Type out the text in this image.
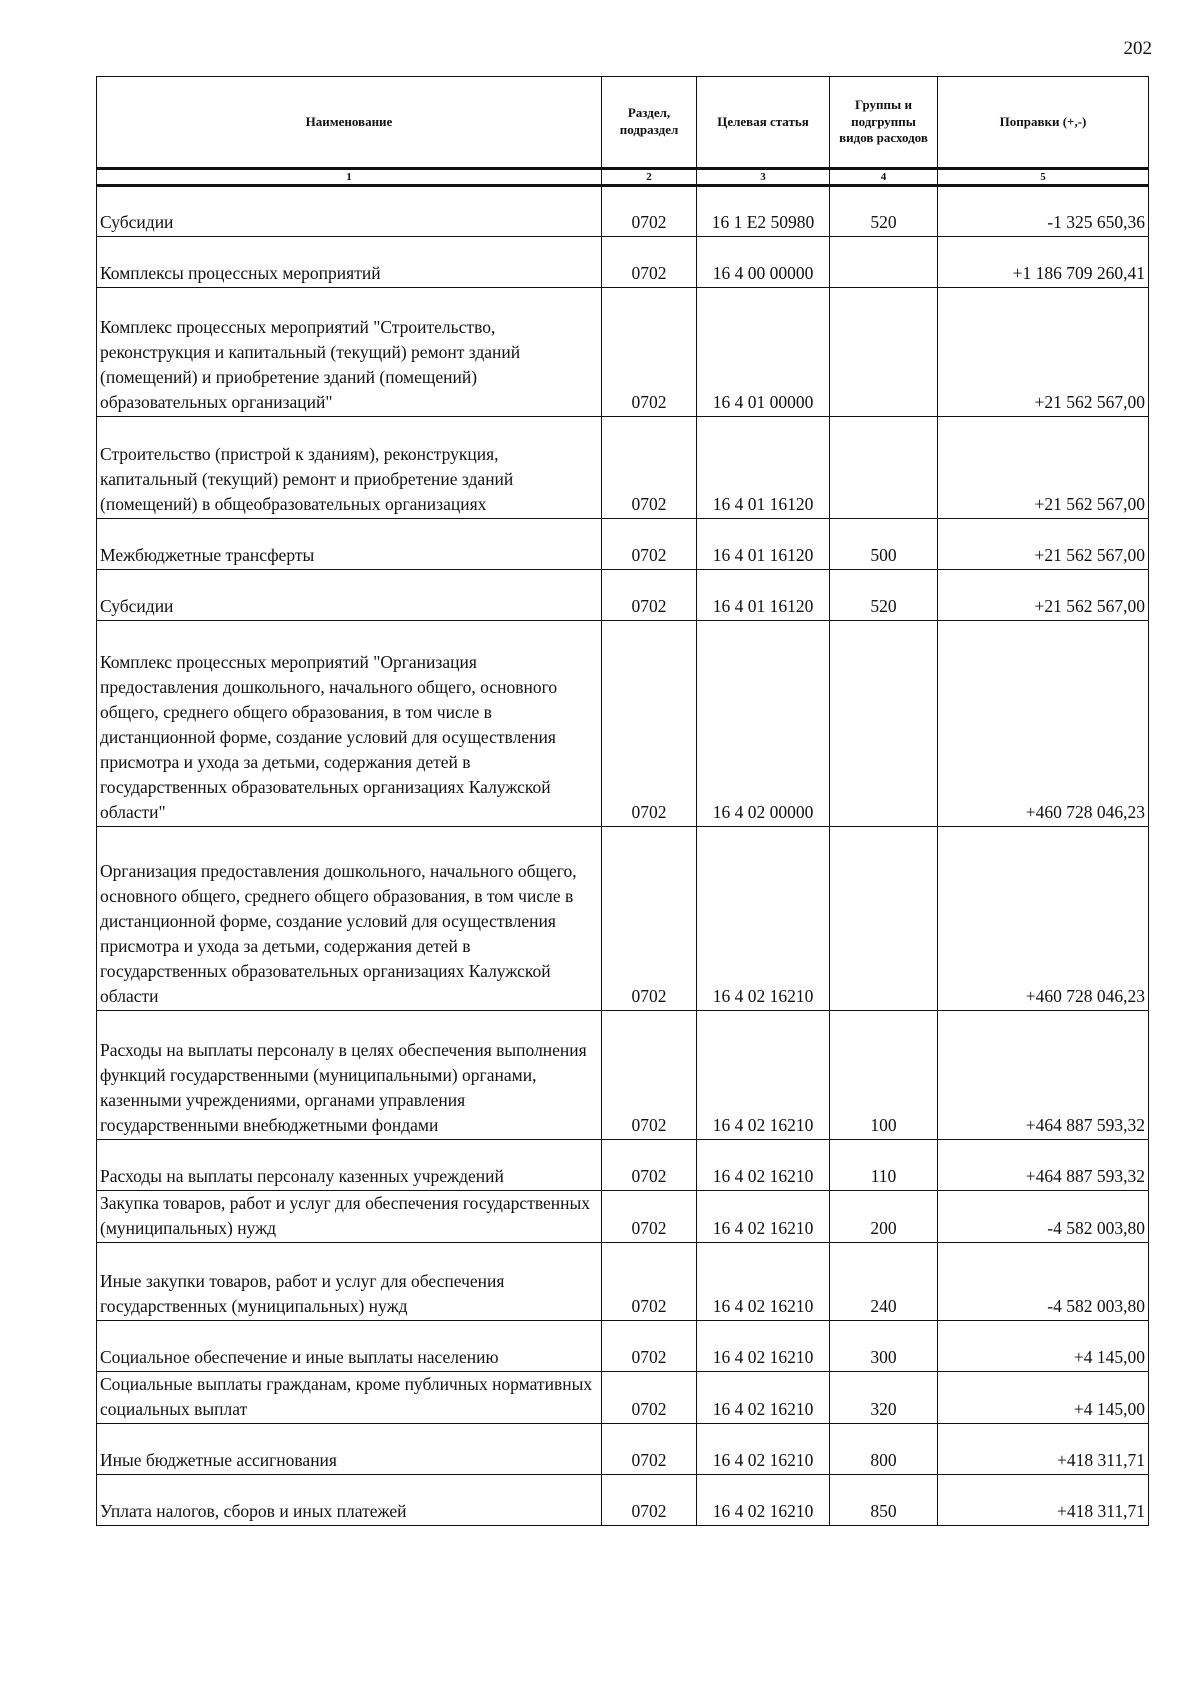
202
Наименование	Раздел, подраздел	Целевая статья	Группы и подгруппы видов расходов	Поправки (+,-)
1	2	3	4	5
Субсидии	0702	16 1 E2 50980	520	-1 325 650,36
Комплексы процессных мероприятий	0702	16 4 00 00000		+1 186 709 260,41
Комплекс процессных мероприятий "Строительство, реконструкция и капитальный (текущий) ремонт зданий (помещений) и приобретение зданий (помещений) образовательных организаций"	0702	16 4 01 00000		+21 562 567,00
Строительство (пристрой к зданиям), реконструкция, капитальный (текущий) ремонт и приобретение зданий (помещений) в общеобразовательных организациях	0702	16 4 01 16120		+21 562 567,00
Межбюджетные трансферты	0702	16 4 01 16120	500	+21 562 567,00
Субсидии	0702	16 4 01 16120	520	+21 562 567,00
Комплекс процессных мероприятий "Организация предоставления дошкольного, начального общего, основного общего, среднего общего образования, в том числе в дистанционной форме, создание условий для осуществления присмотра и ухода за детьми, содержания детей в государственных образовательных организациях Калужской области"	0702	16 4 02 00000		+460 728 046,23
Организация предоставления дошкольного, начального общего, основного общего, среднего общего образования, в том числе в дистанционной форме, создание условий для осуществления присмотра и ухода за детьми, содержания детей в государственных образовательных организациях Калужской области	0702	16 4 02 16210		+460 728 046,23
Расходы на выплаты персоналу в целях обеспечения выполнения функций государственными (муниципальными) органами, казенными учреждениями, органами управления государственными внебюджетными фондами	0702	16 4 02 16210	100	+464 887 593,32
Расходы на выплаты персоналу казенных учреждений	0702	16 4 02 16210	110	+464 887 593,32
Закупка товаров, работ и услуг для обеспечения государственных (муниципальных) нужд	0702	16 4 02 16210	200	-4 582 003,80
Иные закупки товаров, работ и услуг для обеспечения государственных (муниципальных) нужд	0702	16 4 02 16210	240	-4 582 003,80
Социальное обеспечение и иные выплаты населению	0702	16 4 02 16210	300	+4 145,00
Социальные выплаты гражданам, кроме публичных нормативных социальных выплат	0702	16 4 02 16210	320	+4 145,00
Иные бюджетные ассигнования	0702	16 4 02 16210	800	+418 311,71
Уплата налогов, сборов и иных платежей	0702	16 4 02 16210	850	+418 311,71
